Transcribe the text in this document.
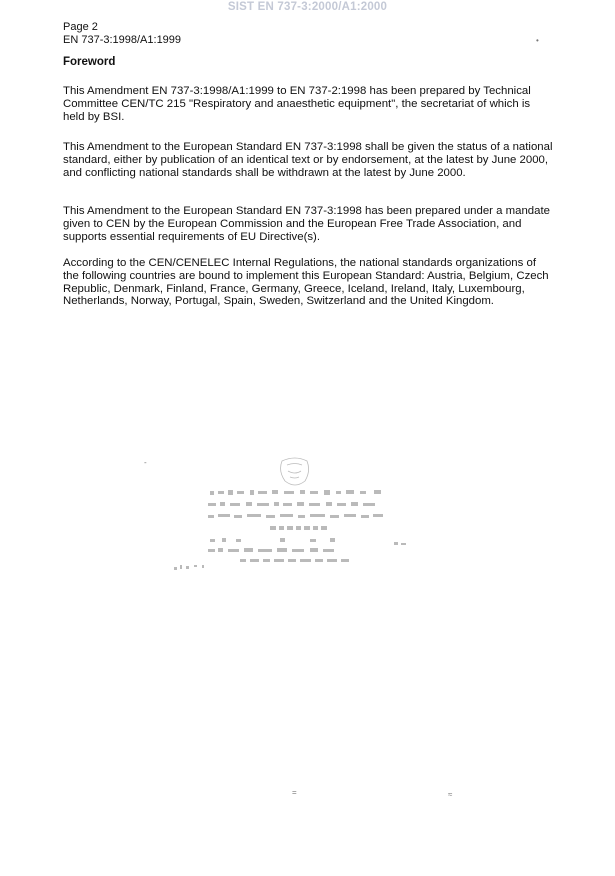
SIST EN 737-3:2000/A1:2000
Page 2
EN 737-3:1998/A1:1999	•
Foreword

This Amendment EN 737-3:1998/A1:1999 to EN 737-2:1998 has been prepared by Technical Committee CEN/TC 215 "Respiratory and anaesthetic equipment", the secretariat of which is held by BSI.

This Amendment to the European Standard EN 737-3:1998 shall be given the status of a national standard, either by publication of an identical text or by endorsement, at the latest by June 2000, and conflicting national standards shall be withdrawn at the latest by June 2000.

This Amendment to the European Standard EN 737-3:1998 has been prepared under a mandate given to CEN by the European Commission and the European Free Trade Association, and supports essential requirements of EU Directive(s).

According to the CEN/CENELEC Internal Regulations, the national standards organizations of the following countries are bound to implement this European Standard: Austria, Belgium, Czech Republic, Denmark, Finland, France, Germany, Greece, Iceland, Ireland, Italy, Luxembourg, Netherlands, Norway, Portugal, Spain, Sweden, Switzerland and the United Kingdom.

-
=	≈
